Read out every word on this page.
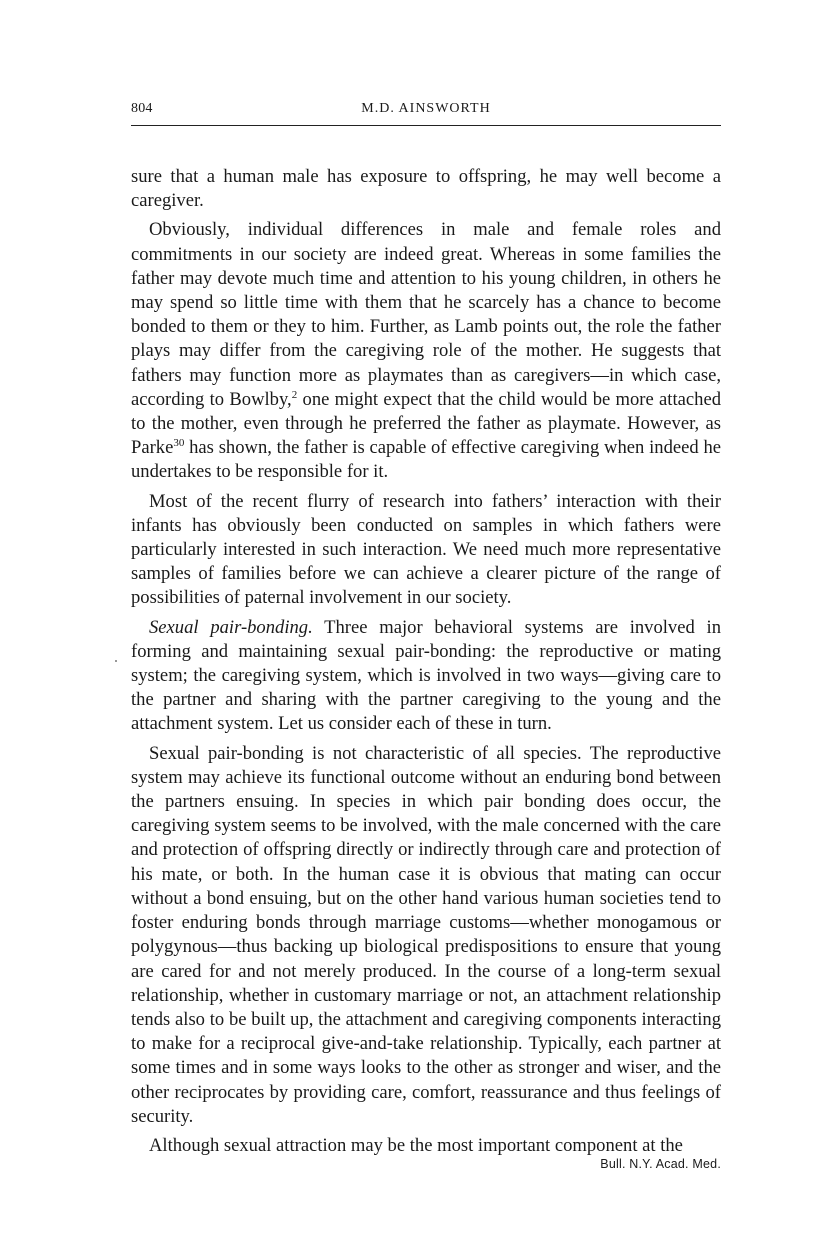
804	M.D. AINSWORTH

sure that a human male has exposure to offspring, he may well become a caregiver.

Obviously, individual differences in male and female roles and commitments in our society are indeed great. Whereas in some families the father may devote much time and attention to his young children, in others he may spend so little time with them that he scarcely has a chance to become bonded to them or they to him. Further, as Lamb points out, the role the father plays may differ from the caregiving role of the mother. He suggests that fathers may function more as playmates than as caregivers—in which case, according to Bowlby,$^2$ one might expect that the child would be more attached to the mother, even through he preferred the father as playmate. However, as Parke$^{30}$ has shown, the father is capable of effective caregiving when indeed he undertakes to be responsible for it.

Most of the recent flurry of research into fathers’ interaction with their infants has obviously been conducted on samples in which fathers were particularly interested in such interaction. We need much more representative samples of families before we can achieve a clearer picture of the range of possibilities of paternal involvement in our society.

Sexual pair-bonding. Three major behavioral systems are involved in forming and maintaining sexual pair-bonding: the reproductive or mating system; the caregiving system, which is involved in two ways—giving care to the partner and sharing with the partner caregiving to the young and the attachment system. Let us consider each of these in turn.

Sexual pair-bonding is not characteristic of all species. The reproductive system may achieve its functional outcome without an enduring bond between the partners ensuing. In species in which pair bonding does occur, the caregiving system seems to be involved, with the male concerned with the care and protection of offspring directly or indirectly through care and protection of his mate, or both. In the human case it is obvious that mating can occur without a bond ensuing, but on the other hand various human societies tend to foster enduring bonds through marriage customs—whether monogamous or polygynous—thus backing up biological predispositions to ensure that young are cared for and not merely produced. In the course of a long-term sexual relationship, whether in customary marriage or not, an attachment relationship tends also to be built up, the attachment and caregiving components interacting to make for a reciprocal give-and-take relationship. Typically, each partner at some times and in some ways looks to the other as stronger and wiser, and the other reciprocates by providing care, comfort, reassurance and thus feelings of security.

Although sexual attraction may be the most important component at the

Bull. N.Y. Acad. Med.
